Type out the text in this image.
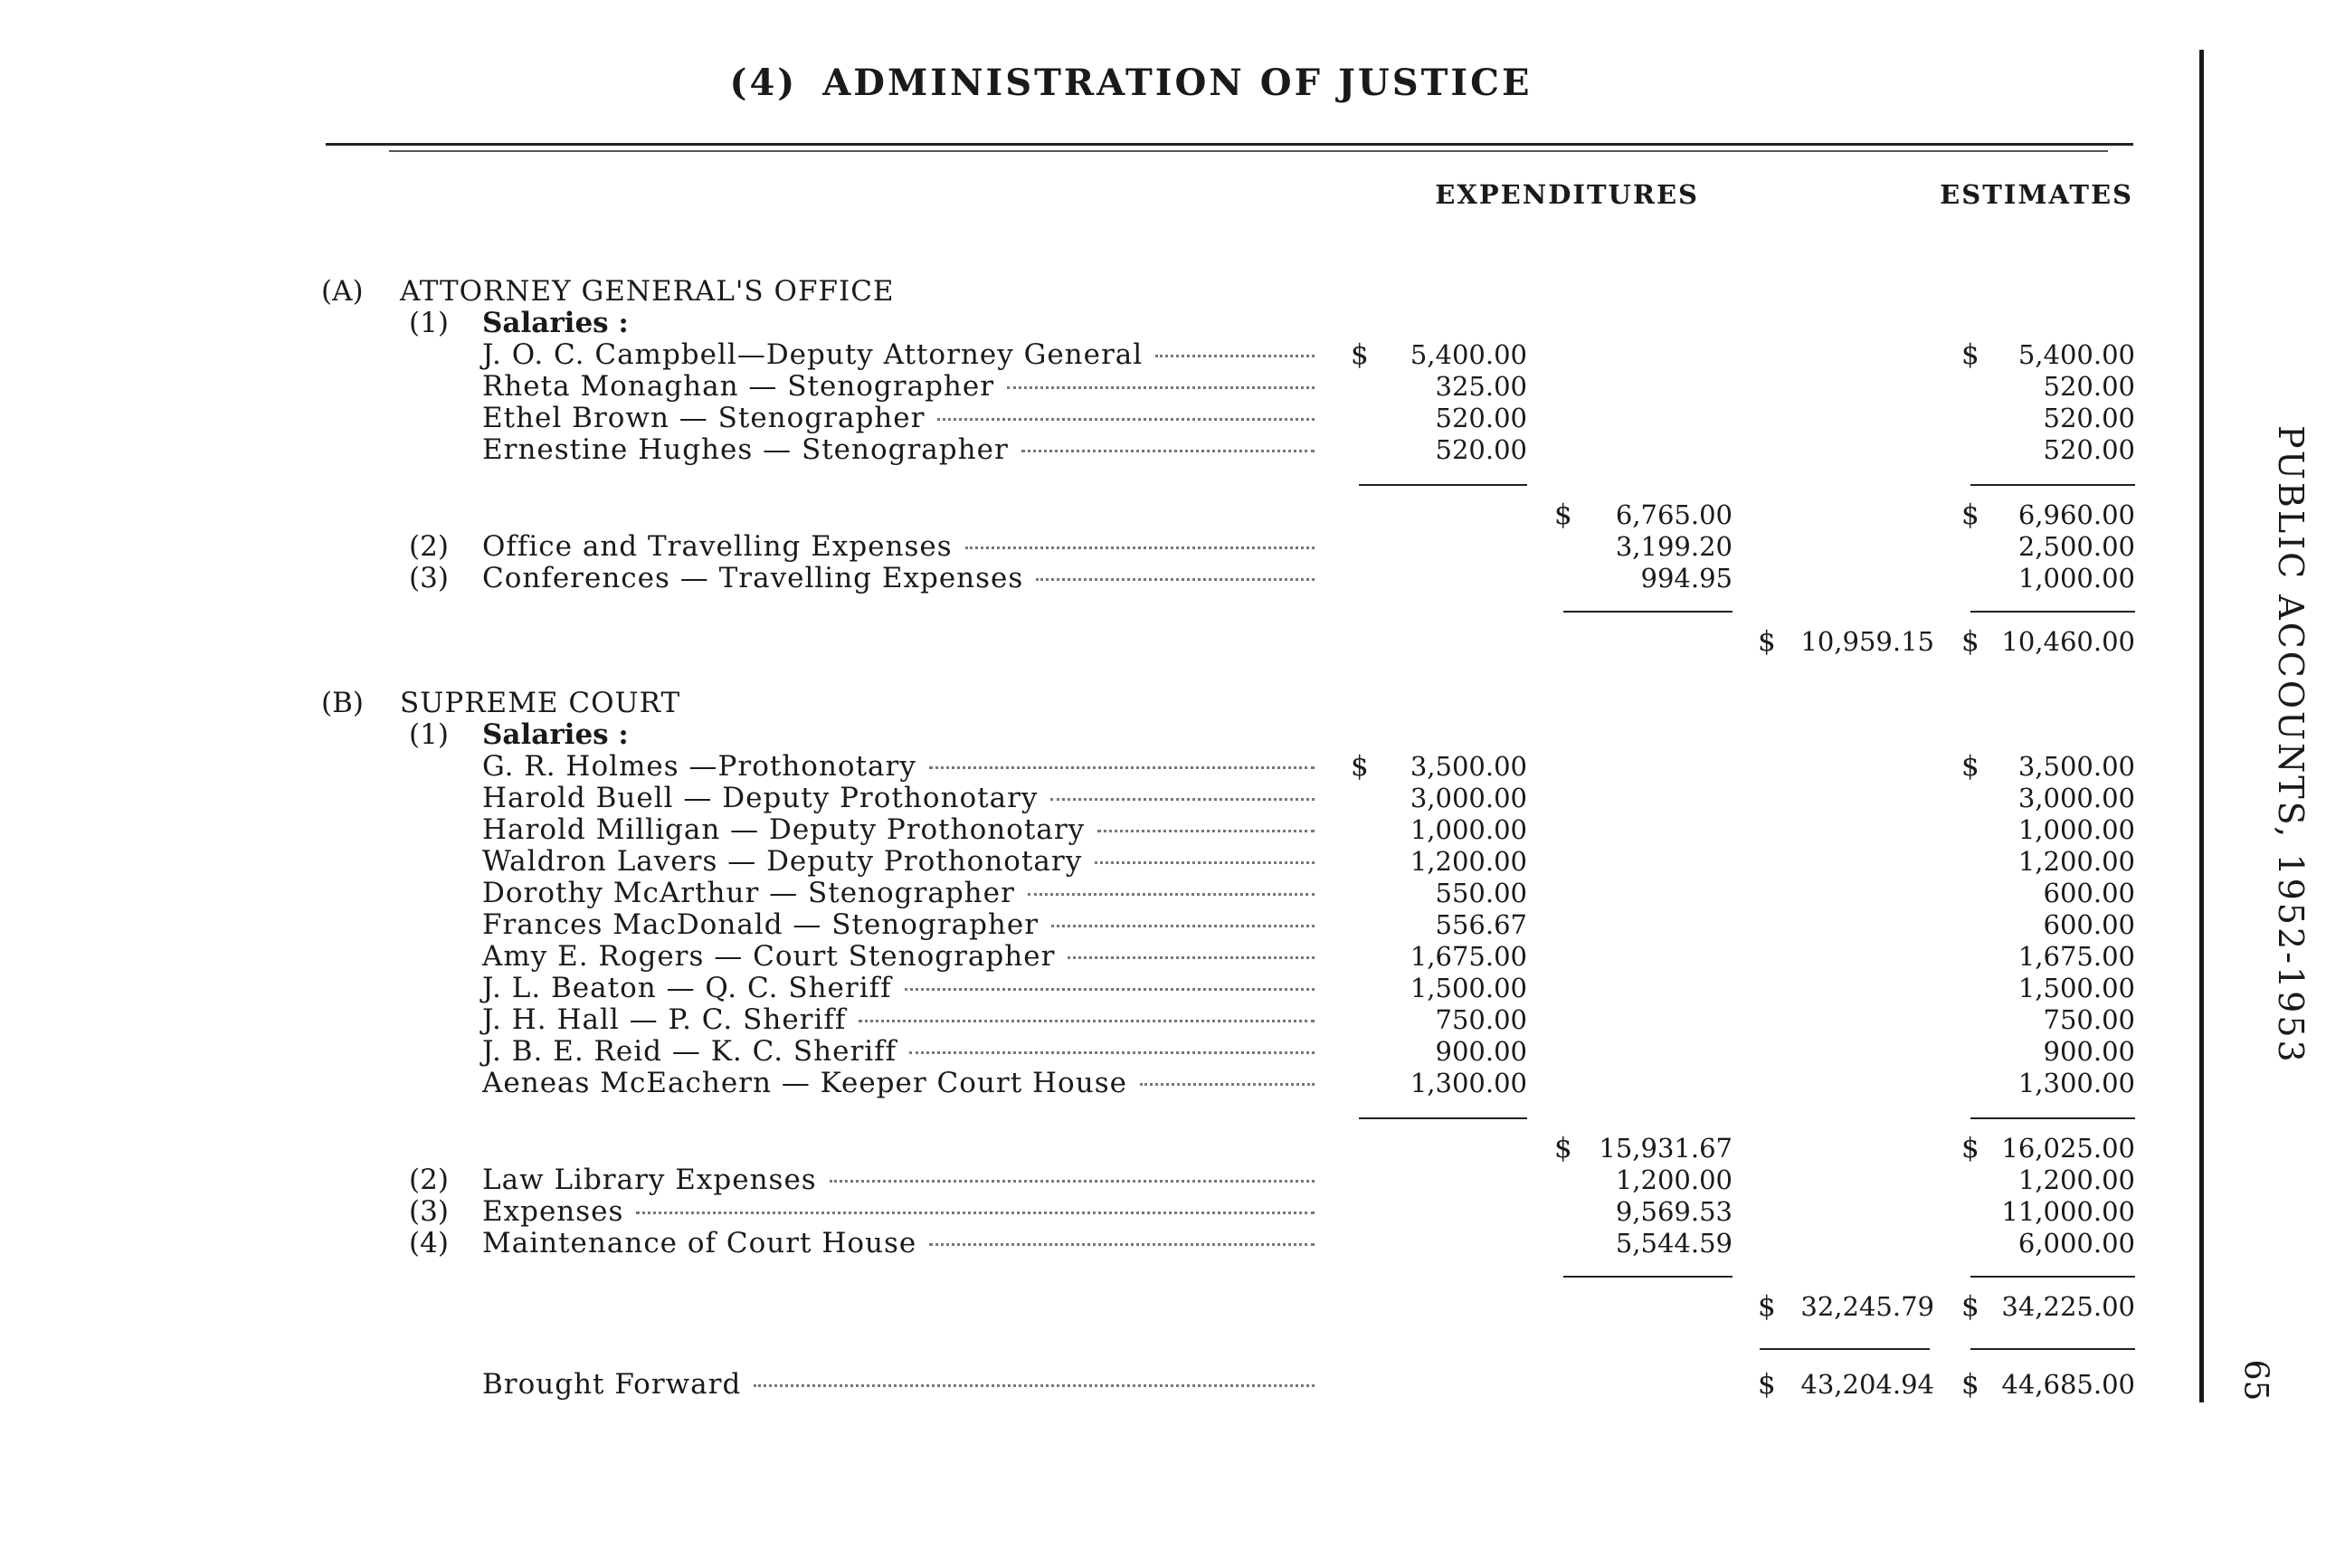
(4) ADMINISTRATION OF JUSTICE
EXPENDITURES	ESTIMATES
(A) ATTORNEY GENERAL'S OFFICE
(1) Salaries :
J. O. C. Campbell—Deputy Attorney General	$	5,400.00	$	5,400.00
Rheta Monaghan — Stenographer	325.00	520.00
Ethel Brown — Stenographer	520.00	520.00
Ernestine Hughes — Stenographer	520.00	520.00
$	6,765.00	$	6,960.00
(2) Office and Travelling Expenses	3,199.20	2,500.00
(3) Conferences — Travelling Expenses	994.95	1,000.00
$ 10,959.15 $ 10,460.00
(B) SUPREME COURT
(1) Salaries :
G. R. Holmes —Prothonotary	$	3,500.00	$	3,500.00
Harold Buell — Deputy Prothonotary	3,000.00	3,000.00
Harold Milligan — Deputy Prothonotary	1,000.00	1,000.00
Waldron Lavers — Deputy Prothonotary	1,200.00	1,200.00
Dorothy McArthur — Stenographer	550.00	600.00
Frances MacDonald — Stenographer	556.67	600.00
Amy E. Rogers — Court Stenographer	1,675.00	1,675.00
J. L. Beaton — Q. C. Sheriff	1,500.00	1,500.00
J. H. Hall — P. C. Sheriff	750.00	750.00
J. B. E. Reid — K. C. Sheriff	900.00	900.00
Aeneas McEachern — Keeper Court House	1,300.00	1,300.00
$	15,931.67	$ 16,025.00
(2) Law Library Expenses	1,200.00	1,200.00
(3) Expenses	9,569.53	11,000.00
(4) Maintenance of Court House	5,544.59	6,000.00
$ 32,245.79 $ 34,225.00
Brought Forward	$ 43,204.94 $ 44,685.00
PUBLIC ACCOUNTS, 1952-1953
65
